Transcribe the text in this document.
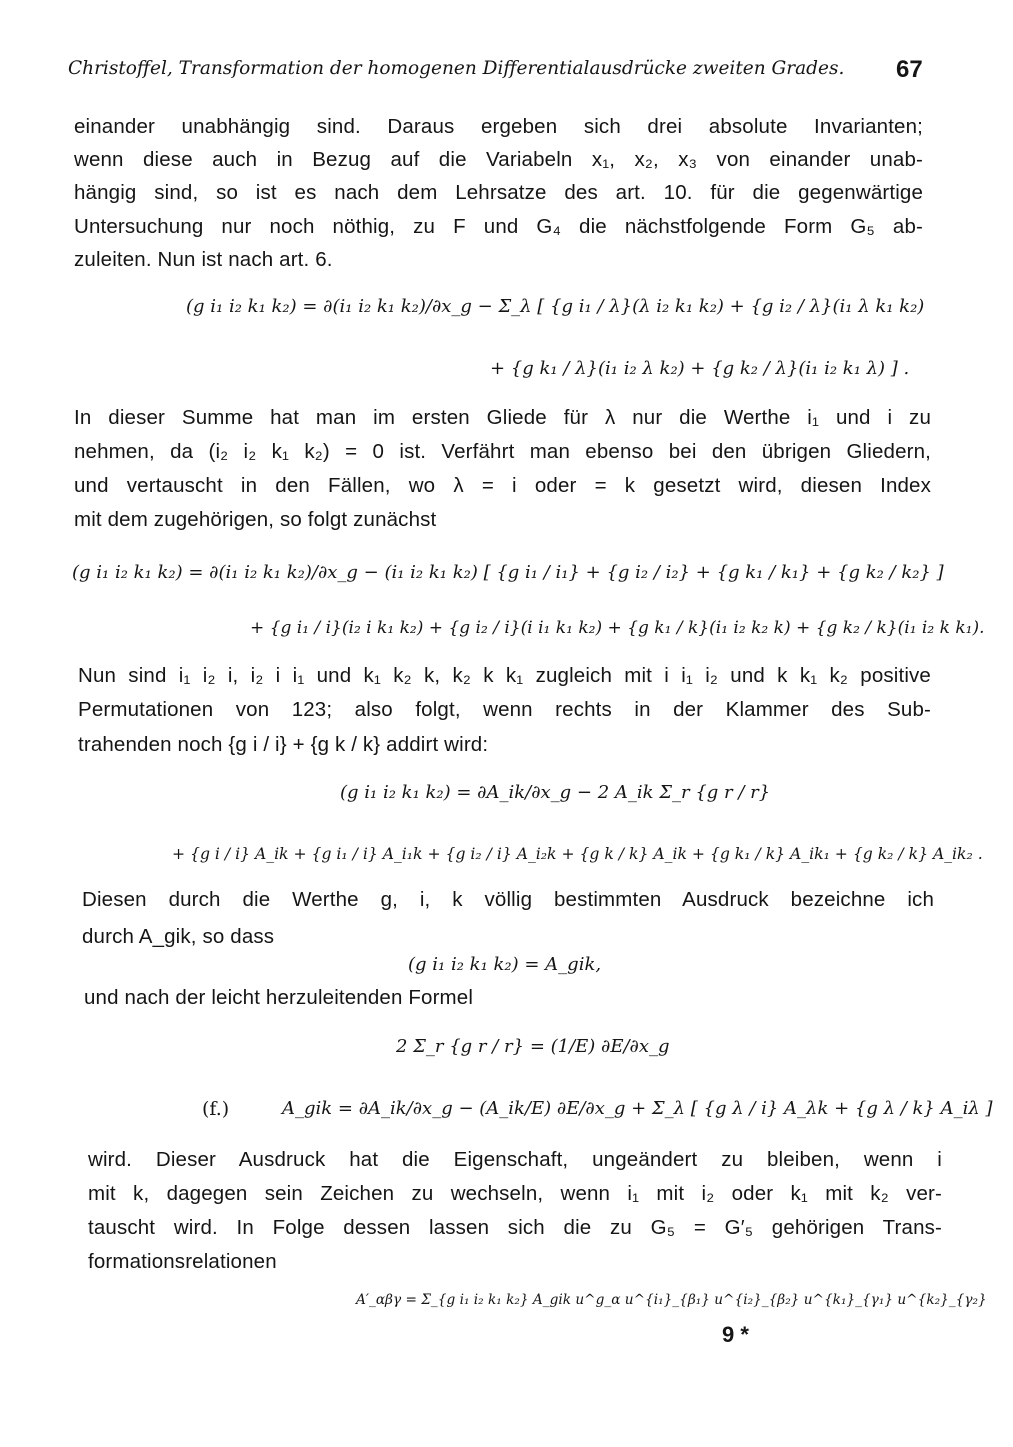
Christoffel, Transformation der homogenen Differentialausdrücke zweiten Grades. 67
einander unabhängig sind. Daraus ergeben sich drei absolute Invarianten;
wenn diese auch in Bezug auf die Variabeln x₁, x₂, x₃ von einander unab-
hängig sind, so ist es nach dem Lehrsatze des art. 10. für die gegenwärtige
Untersuchung nur noch nöthig, zu F und G₄ die nächstfolgende Form G₅ ab-
zuleiten. Nun ist nach art. 6.
(g i₁ i₂ k₁ k₂) = ∂(i₁ i₂ k₁ k₂)/∂x_g − Σ_λ [ {g i₁ / λ}(λ i₂ k₁ k₂) + {g i₂ / λ}(i₁ λ k₁ k₂)
+ {g k₁ / λ}(i₁ i₂ λ k₂) + {g k₂ / λ}(i₁ i₂ k₁ λ) ] .
In dieser Summe hat man im ersten Gliede für λ nur die Werthe i₁ und i zu
nehmen, da (i₂ i₂ k₁ k₂) = 0 ist. Verfährt man ebenso bei den übrigen Gliedern,
und vertauscht in den Fällen, wo λ = i oder = k gesetzt wird, diesen Index
mit dem zugehörigen, so folgt zunächst
(g i₁ i₂ k₁ k₂) = ∂(i₁ i₂ k₁ k₂)/∂x_g − (i₁ i₂ k₁ k₂) [ {g i₁ / i₁} + {g i₂ / i₂} + {g k₁ / k₁} + {g k₂ / k₂} ]
+ {g i₁ / i}(i₂ i k₁ k₂) + {g i₂ / i}(i i₁ k₁ k₂) + {g k₁ / k}(i₁ i₂ k₂ k) + {g k₂ / k}(i₁ i₂ k k₁).
Nun sind i₁ i₂ i, i₂ i i₁ und k₁ k₂ k, k₂ k k₁ zugleich mit i i₁ i₂ und k k₁ k₂ positive
Permutationen von 123; also folgt, wenn rechts in der Klammer des Sub-
trahenden noch {g i / i} + {g k / k} addirt wird:
(g i₁ i₂ k₁ k₂) = ∂A_ik/∂x_g − 2 A_ik Σ_r {g r / r}
+ {g i / i} A_ik + {g i₁ / i} A_i₁k + {g i₂ / i} A_i₂k + {g k / k} A_ik + {g k₁ / k} A_ik₁ + {g k₂ / k} A_ik₂ .
Diesen durch die Werthe g, i, k völlig bestimmten Ausdruck bezeichne ich
durch A_gik, so dass
(g i₁ i₂ k₁ k₂) = A_gik,
und nach der leicht herzuleitenden Formel
2 Σ_r {g r / r} = (1/E) ∂E/∂x_g
(f.)	A_gik = ∂A_ik/∂x_g − (A_ik/E) ∂E/∂x_g + Σ_λ [ {g λ / i} A_λk + {g λ / k} A_iλ ]
wird. Dieser Ausdruck hat die Eigenschaft, ungeändert zu bleiben, wenn i
mit k, dagegen sein Zeichen zu wechseln, wenn i₁ mit i₂ oder k₁ mit k₂ ver-
tauscht wird. In Folge dessen lassen sich die zu G₅ = G′₅ gehörigen Trans-
formationsrelationen
A′_αβγ = Σ_{g i₁ i₂ k₁ k₂} A_gik u^g_α u^{i₁}_{β₁} u^{i₂}_{β₂} u^{k₁}_{γ₁} u^{k₂}_{γ₂}
9 *
